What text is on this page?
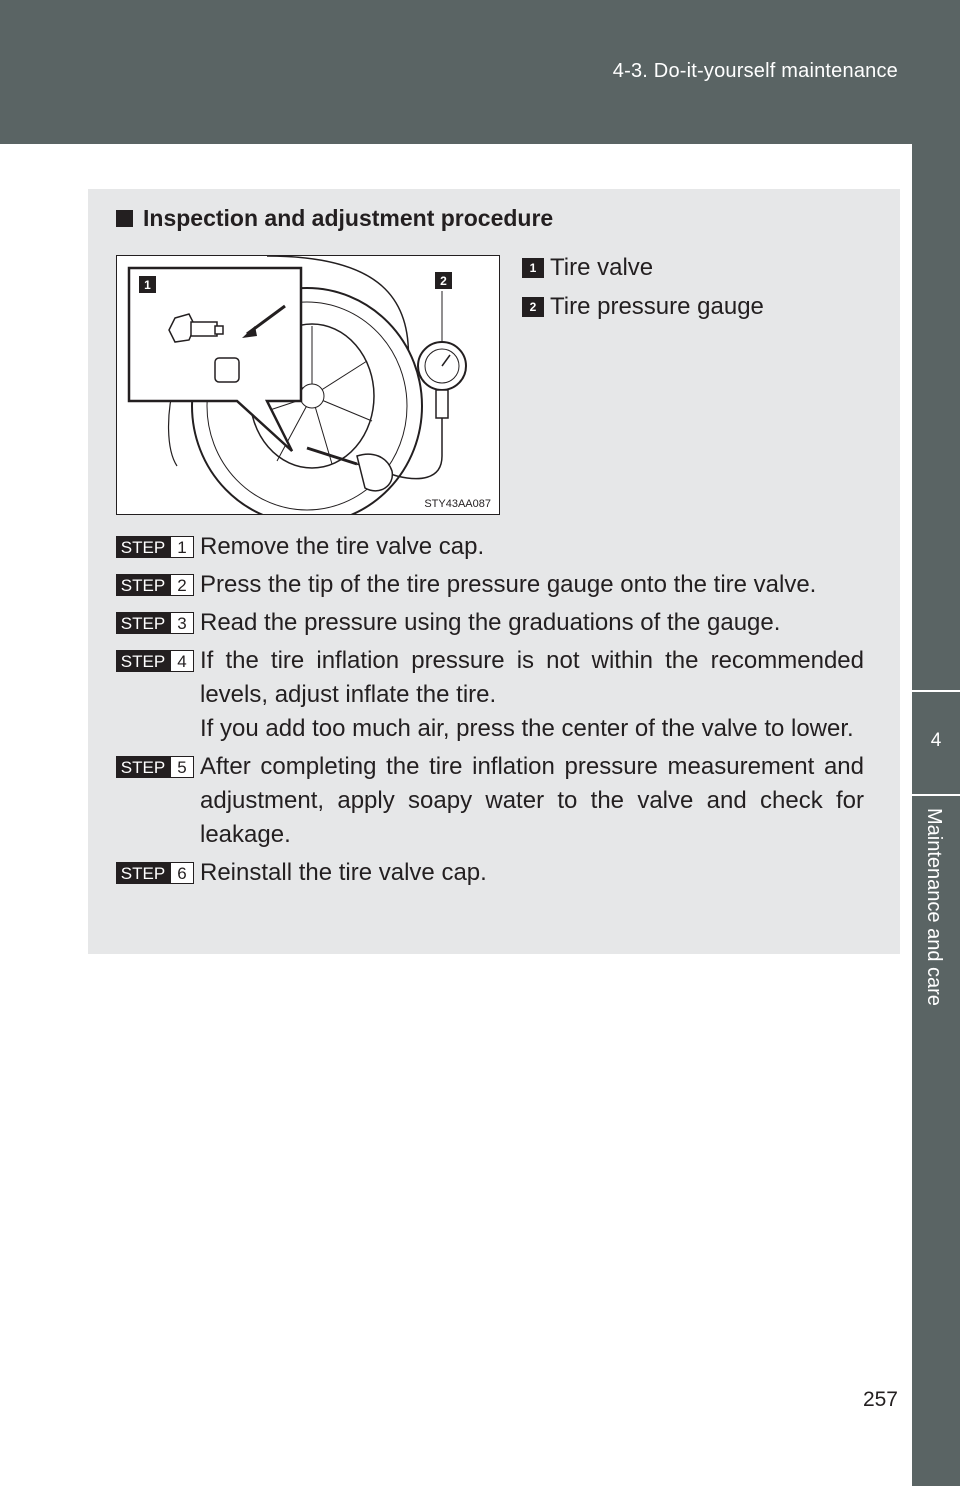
4-3. Do-it-yourself maintenance
4
Maintenance and care
Inspection and adjustment procedure
1	2
STY43AA087
1 Tire valve
2 Tire pressure gauge
STEP 1 Remove the tire valve cap.

STEP 2 Press the tip of the tire pressure gauge onto the tire valve.

STEP 3 Read the pressure using the graduations of the gauge.

STEP 4 If the tire inflation pressure is not within the recommended levels, adjust inflate the tire.

If you add too much air, press the center of the valve to lower.

STEP 5 After completing the tire inflation pressure measurement and adjustment, apply soapy water to the valve and check for leakage.

STEP 6 Reinstall the tire valve cap.

257
